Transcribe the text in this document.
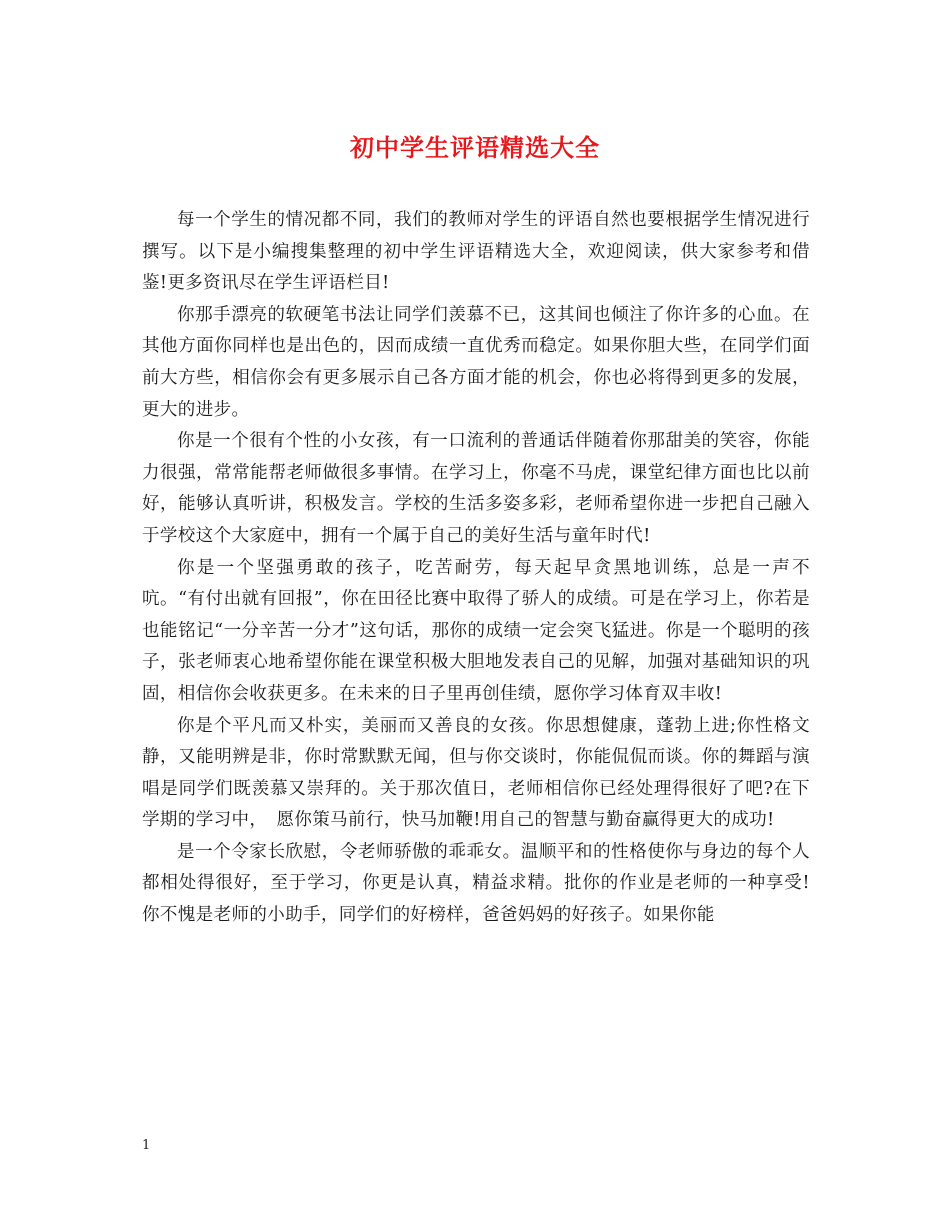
初中学生评语精选大全

每一个学生的情况都不同，我们的教师对学生的评语自然也要根据学生情况进行撰写。以下是小编搜集整理的初中学生评语精选大全，欢迎阅读，供大家参考和借鉴!更多资讯尽在学生评语栏目!

你那手漂亮的软硬笔书法让同学们羡慕不已，这其间也倾注了你许多的心血。在其他方面你同样也是出色的，因而成绩一直优秀而稳定。如果你胆大些，在同学们面前大方些，相信你会有更多展示自己各方面才能的机会，你也必将得到更多的发展，更大的进步。

你是一个很有个性的小女孩，有一口流利的普通话伴随着你那甜美的笑容，你能力很强，常常能帮老师做很多事情。在学习上，你毫不马虎，课堂纪律方面也比以前好，能够认真听讲，积极发言。学校的生活多姿多彩，老师希望你进一步把自己融入于学校这个大家庭中，拥有一个属于自己的美好生活与童年时代!

你是一个坚强勇敢的孩子，吃苦耐劳，每天起早贪黑地训练，总是一声不吭。“有付出就有回报”，你在田径比赛中取得了骄人的成绩。可是在学习上，你若是也能铭记“一分辛苦一分才”这句话，那你的成绩一定会突飞猛进。你是一个聪明的孩子，张老师衷心地希望你能在课堂积极大胆地发表自己的见解，加强对基础知识的巩固，相信你会收获更多。在未来的日子里再创佳绩，愿你学习体育双丰收!

你是个平凡而又朴实，美丽而又善良的女孩。你思想健康，蓬勃上进;你性格文静，又能明辨是非，你时常默默无闻，但与你交谈时，你能侃侃而谈。你的舞蹈与演唱是同学们既羡慕又崇拜的。关于那次值日，老师相信你已经处理得很好了吧?在下学期的学习中，　愿你策马前行，快马加鞭!用自己的智慧与勤奋赢得更大的成功!

是一个令家长欣慰，令老师骄傲的乖乖女。温顺平和的性格使你与身边的每个人都相处得很好，至于学习，你更是认真，精益求精。批你的作业是老师的一种享受!你不愧是老师的小助手，同学们的好榜样，爸爸妈妈的好孩子。如果你能

1
